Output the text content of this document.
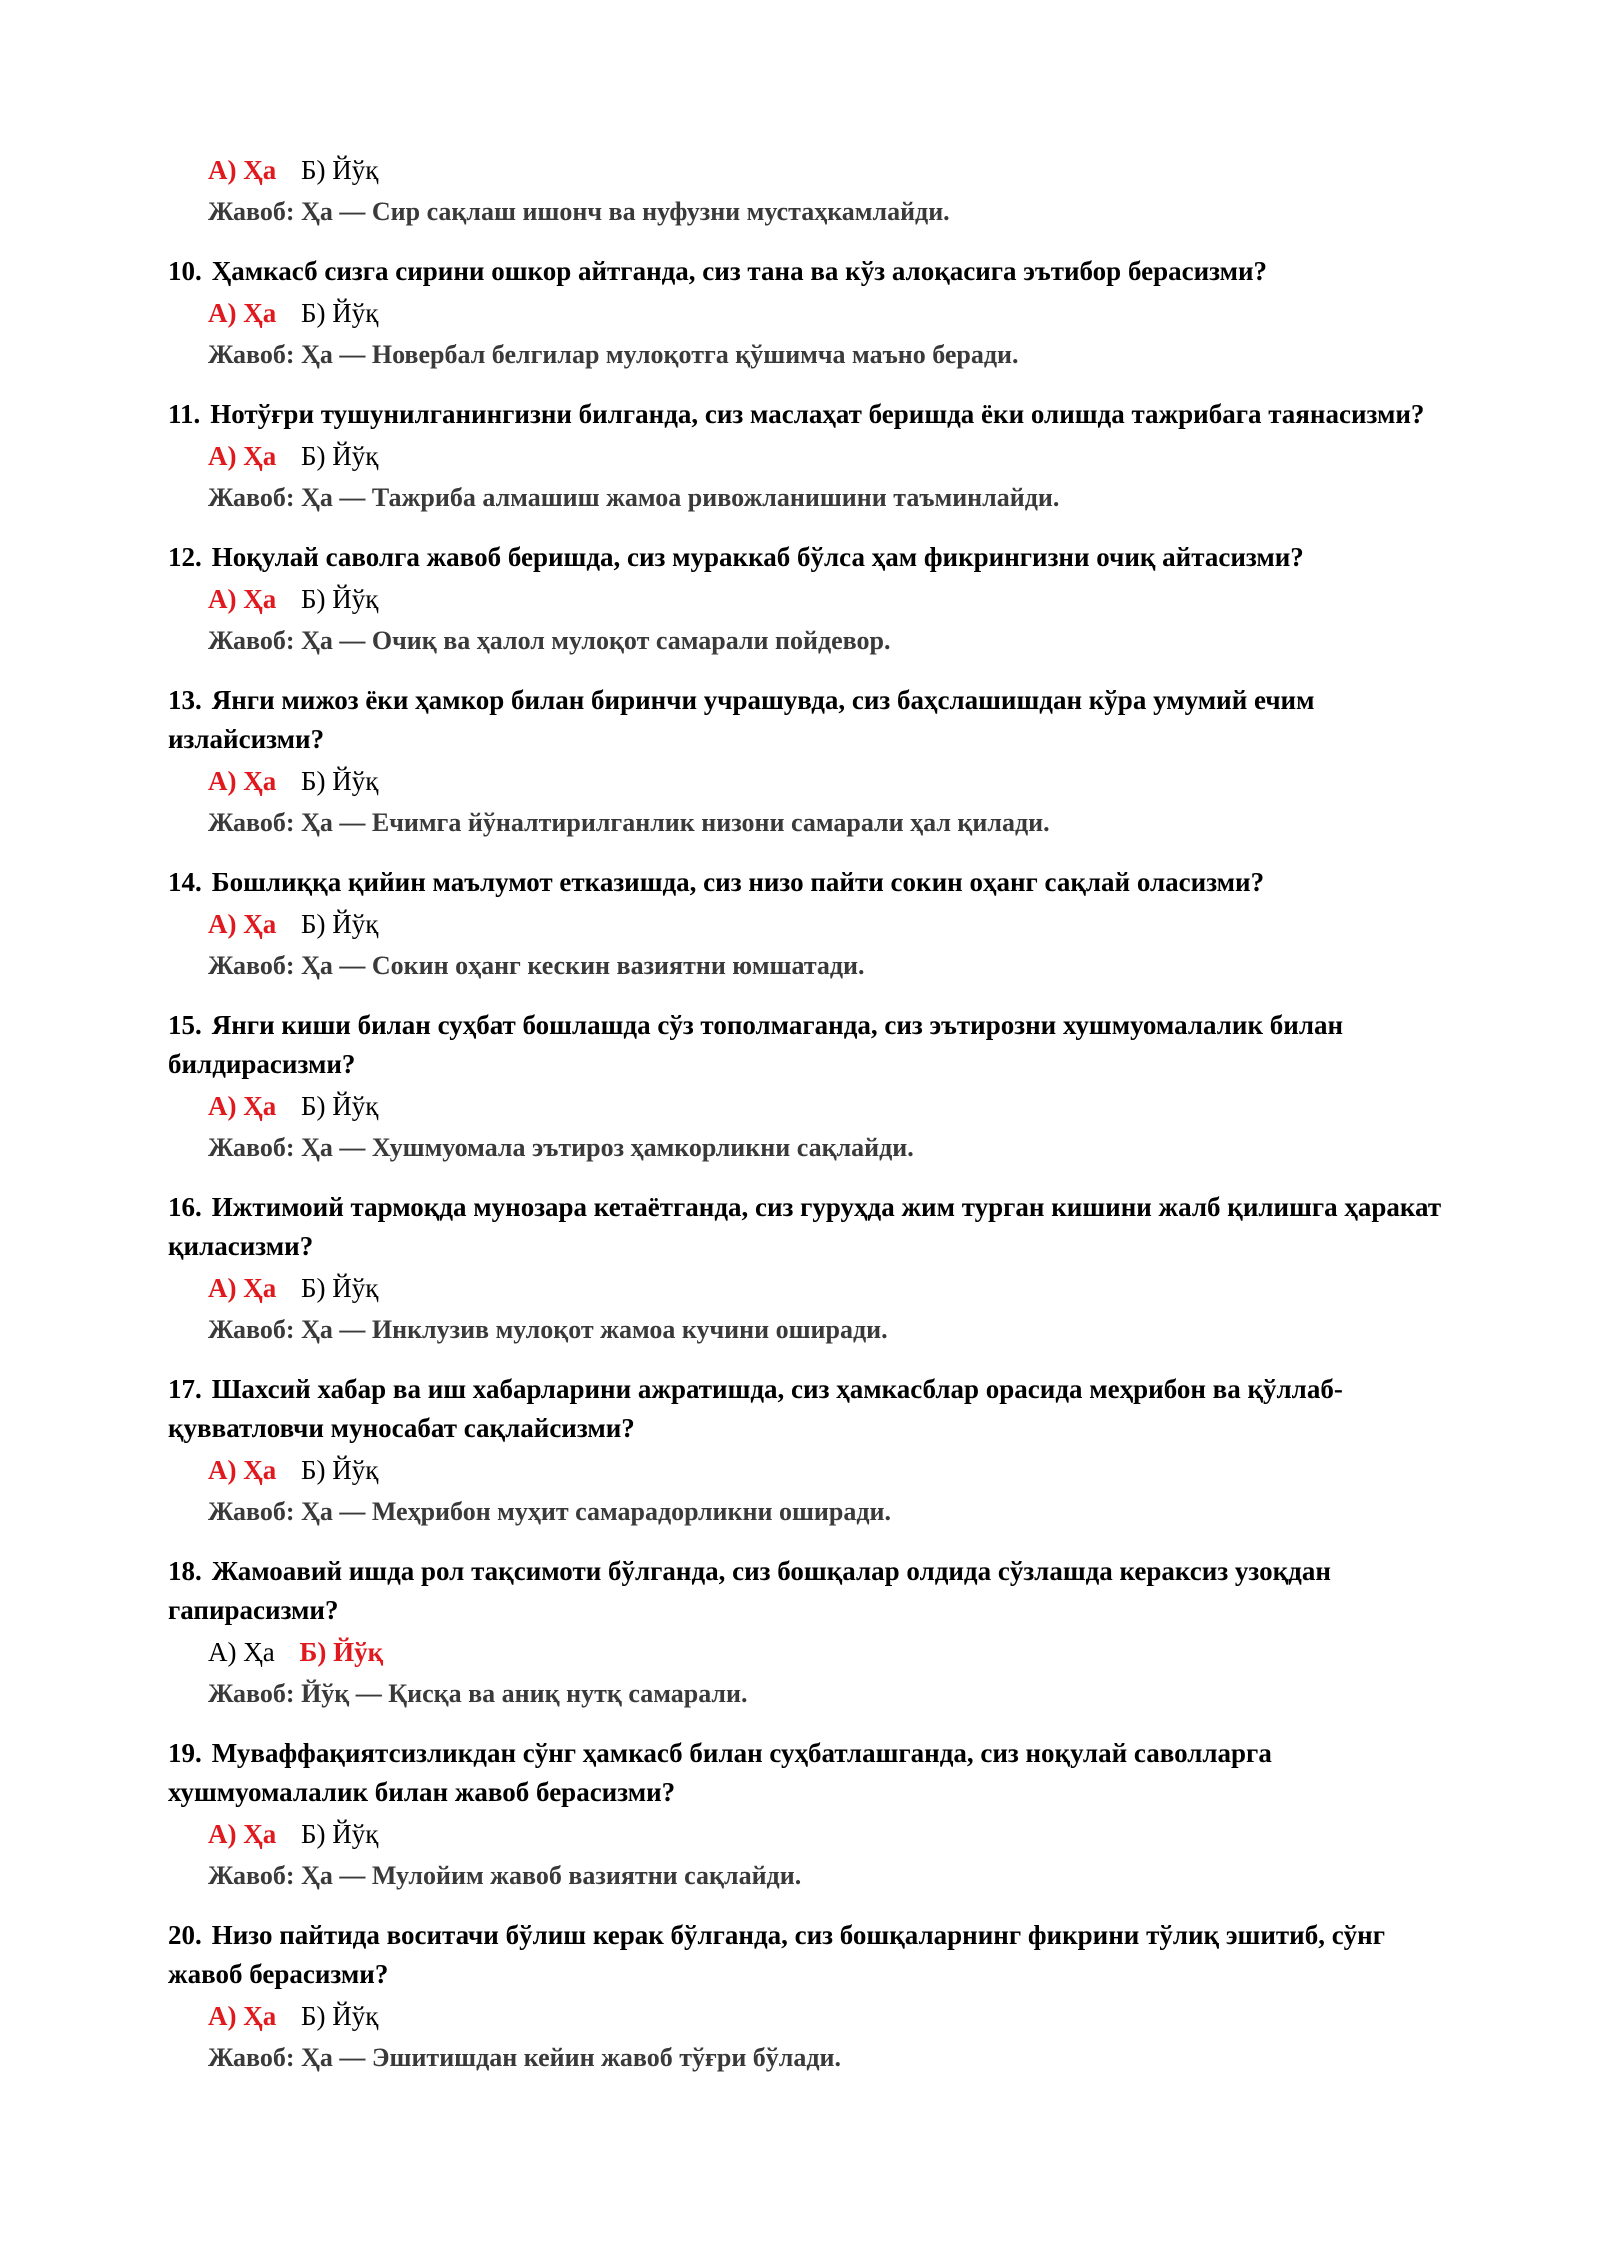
А) Ҳа Б) Йўқ
Жавоб: Ҳа — Сир сақлаш ишонч ва нуфузни мустаҳкамлайди.

10. Ҳамкасб сизга сирини ошкор айтганда, сиз тана ва кўз алоқасига эътибор берасизми?

А) Ҳа Б) Йўқ
Жавоб: Ҳа — Новербал белгилар мулоқотга қўшимча маъно беради.

11. Нотўғри тушунилганингизни билганда, сиз маслаҳат беришда ёки олишда тажрибага таянасизми?

А) Ҳа Б) Йўқ
Жавоб: Ҳа — Тажриба алмашиш жамоа ривожланишини таъминлайди.

12. Ноқулай саволга жавоб беришда, сиз мураккаб бўлса ҳам фикрингизни очиқ айтасизми?

А) Ҳа Б) Йўқ
Жавоб: Ҳа — Очиқ ва ҳалол мулоқот самарали пойдевор.

13. Янги мижоз ёки ҳамкор билан биринчи учрашувда, сиз баҳслашишдан кўра умумий ечим излайсизми?

А) Ҳа Б) Йўқ
Жавоб: Ҳа — Ечимга йўналтирилганлик низони самарали ҳал қилади.

14. Бошлиққа қийин маълумот етказишда, сиз низо пайти сокин оҳанг сақлай оласизми?

А) Ҳа Б) Йўқ
Жавоб: Ҳа — Сокин оҳанг кескин вазиятни юмшатади.

15. Янги киши билан суҳбат бошлашда сўз тополмаганда, сиз эътирозни хушмуомалалик билан билдирасизми?

А) Ҳа Б) Йўқ
Жавоб: Ҳа — Хушмуомала эътироз ҳамкорликни сақлайди.

16. Ижтимоий тармоқда мунозара кетаётганда, сиз гуруҳда жим турган кишини жалб қилишга ҳаракат қиласизми?

А) Ҳа Б) Йўқ
Жавоб: Ҳа — Инклузив мулоқот жамоа кучини оширади.

17. Шахсий хабар ва иш хабарларини ажратишда, сиз ҳамкасблар орасида меҳрибон ва қўллаб-қувватловчи муносабат сақлайсизми?

А) Ҳа Б) Йўқ
Жавоб: Ҳа — Меҳрибон муҳит самарадорликни оширади.

18. Жамоавий ишда рол тақсимоти бўлганда, сиз бошқалар олдида сўзлашда кераксиз узоқдан гапирасизми?

А) Ҳа Б) Йўқ
Жавоб: Йўқ — Қисқа ва аниқ нутқ самарали.

19. Муваффақиятсизликдан сўнг ҳамкасб билан суҳбатлашганда, сиз ноқулай саволларга хушмуомалалик билан жавоб берасизми?

А) Ҳа Б) Йўқ
Жавоб: Ҳа — Мулойим жавоб вазиятни сақлайди.

20. Низо пайтида воситачи бўлиш керак бўлганда, сиз бошқаларнинг фикрини тўлиқ эшитиб, сўнг жавоб берасизми?

А) Ҳа Б) Йўқ
Жавоб: Ҳа — Эшитишдан кейин жавоб тўғри бўлади.
